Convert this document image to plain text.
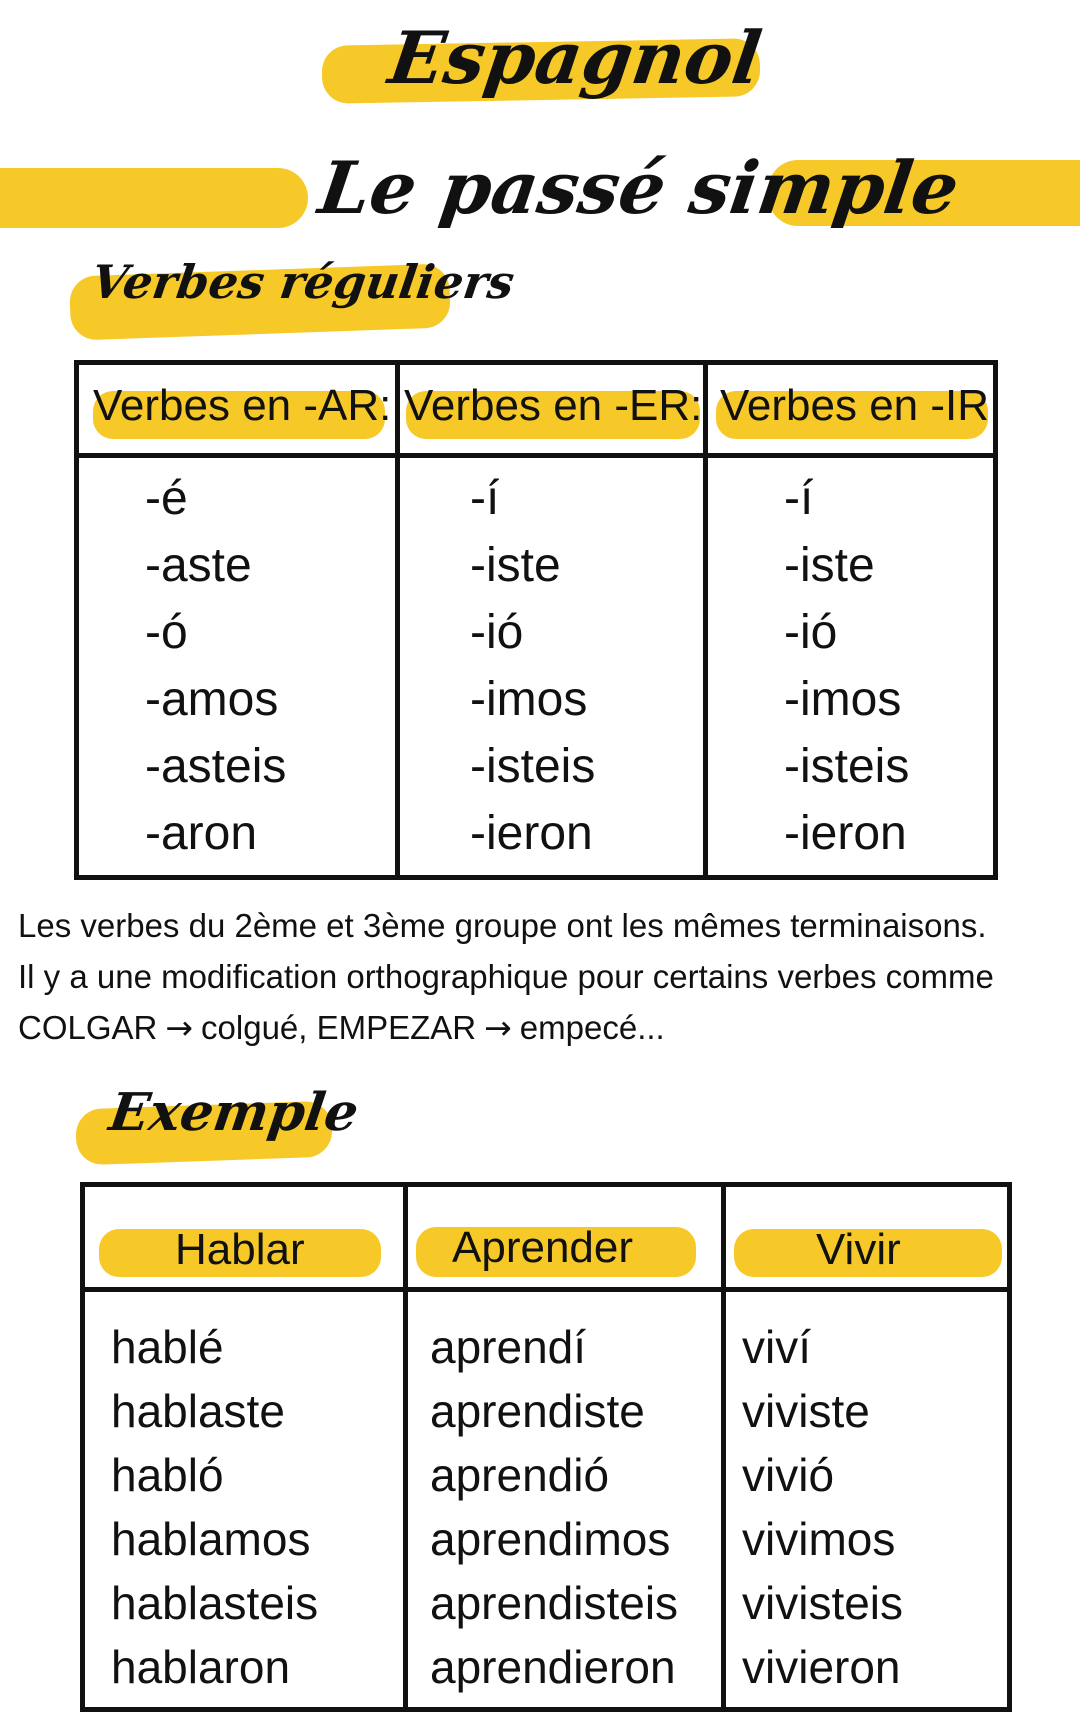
Espagnol
Le passé simple
Verbes réguliers
Verbes en -AR:
-é
-aste
-ó
-amos
-asteis
-aron
Verbes en -ER:
-í
-iste
-ió
-imos
-isteis
-ieron
Verbes en -IR:
-í
-iste
-ió
-imos
-isteis
-ieron

Les verbes du 2ème et 3ème groupe ont les mêmes terminaisons.

Il y a une modification orthographique pour certains verbes comme

COLGAR → colgué, EMPEZAR → empecé...

Exemple
Hablar
hablé
hablaste
habló
hablamos
hablasteis
hablaron
Aprender
aprendí
aprendiste
aprendió
aprendimos
aprendisteis
aprendieron
Vivir
viví
viviste
vivió
vivimos
vivisteis
vivieron
